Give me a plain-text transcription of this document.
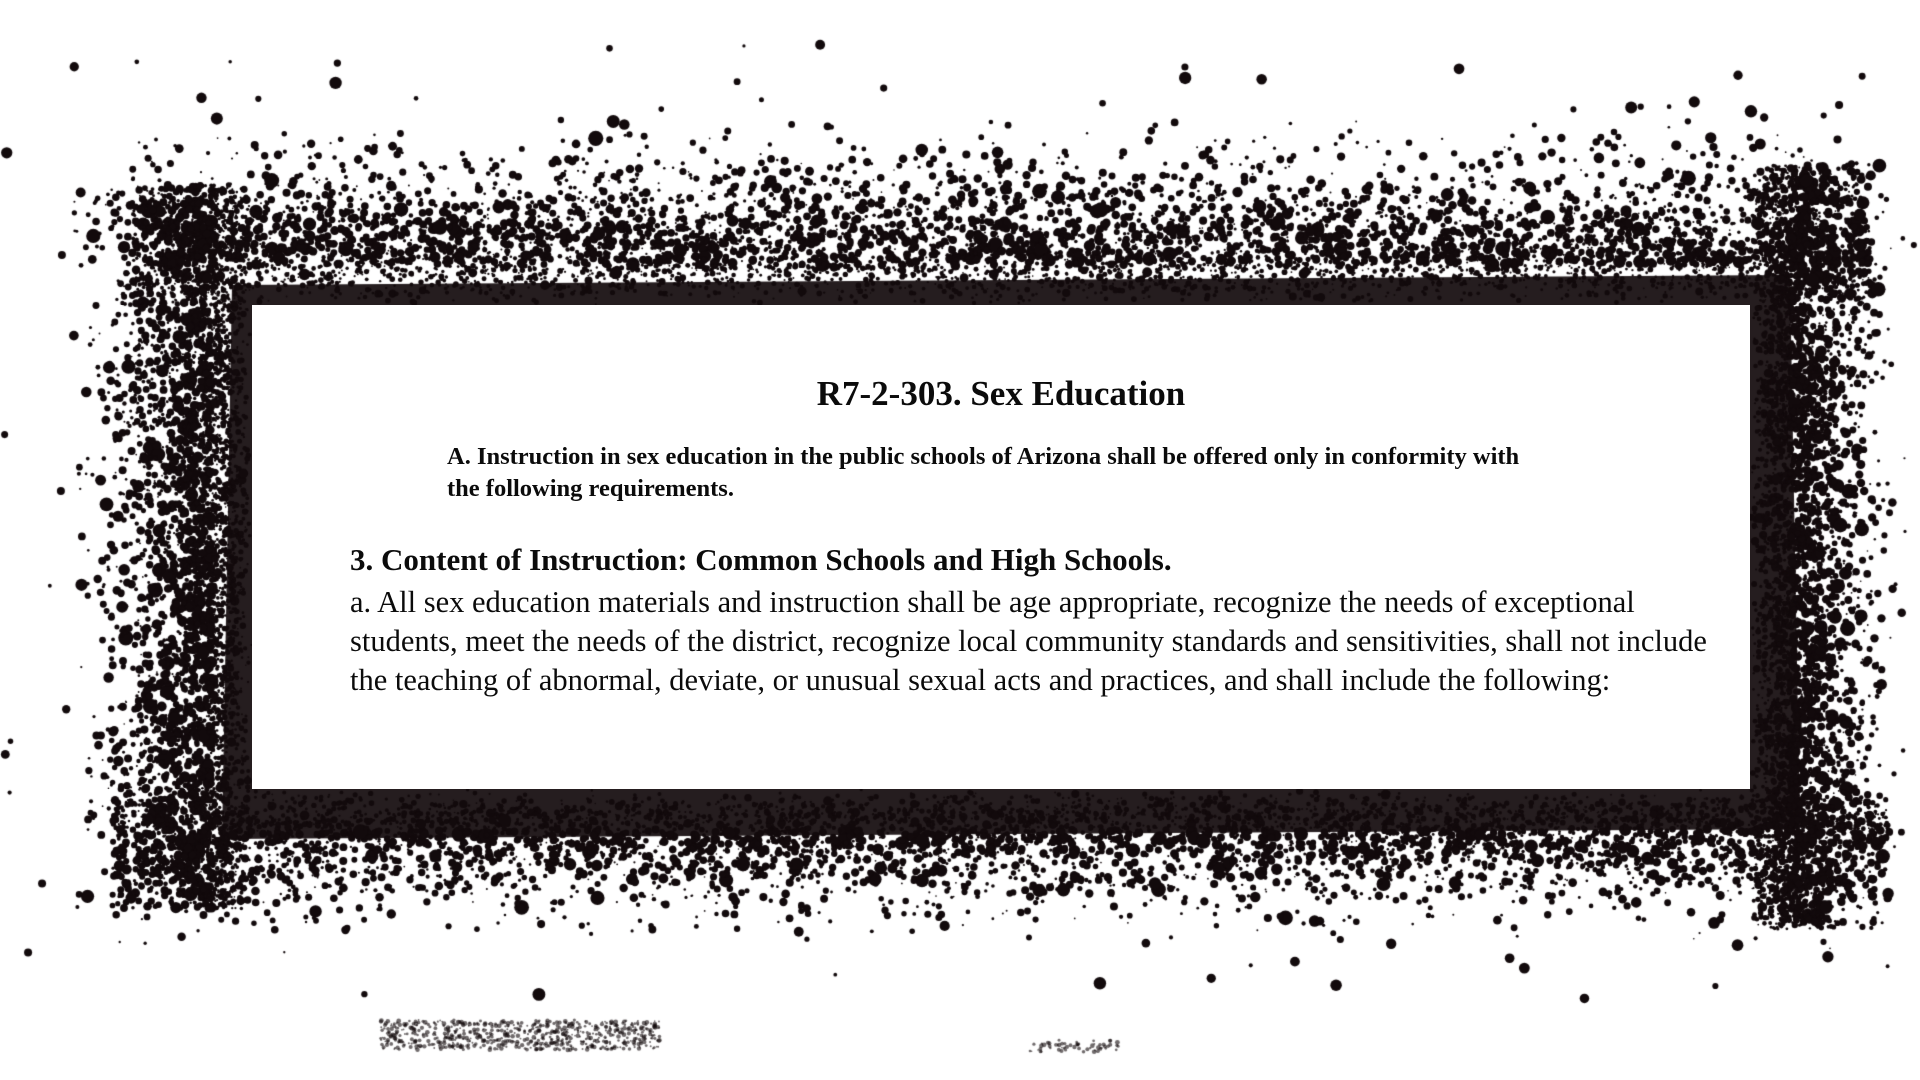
R7-2-303. Sex Education

A. Instruction in sex education in the public schools of Arizona shall be offered only in conformity with the following requirements.

3. Content of Instruction: Common Schools and High Schools.

a. All sex education materials and instruction shall be age appropriate, recognize the needs of exceptional students, meet the needs of the district, recognize local community standards and sensitivities, shall not include the teaching of abnormal, deviate, or unusual sexual acts and practices, and shall include the following:
